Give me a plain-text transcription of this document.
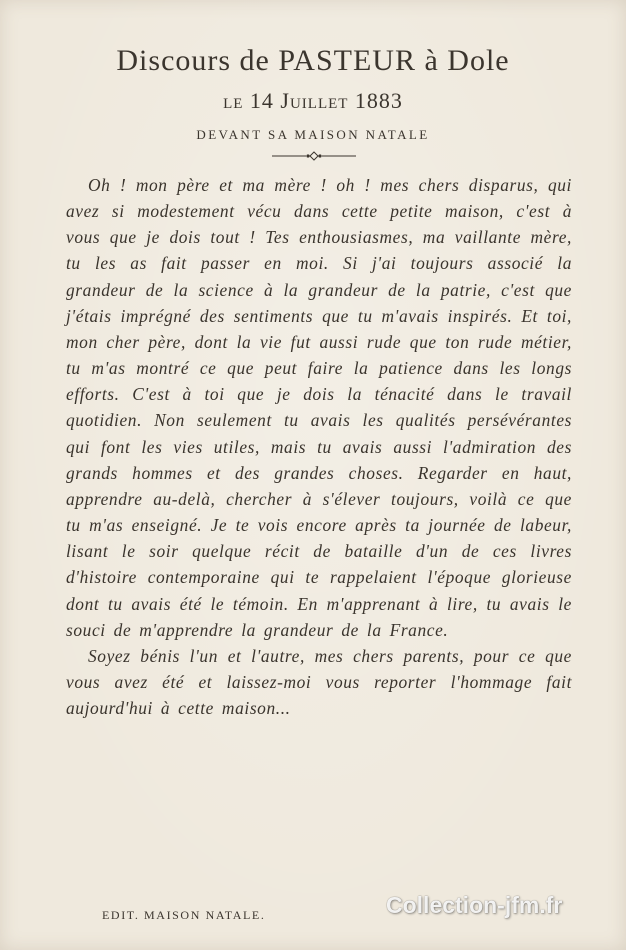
Discours de PASTEUR à Dole
le 14 Juillet 1883
DEVANT SA MAISON NATALE

Oh ! mon père et ma mère ! oh ! mes chers disparus, qui avez si modestement vécu dans cette petite maison, c'est à vous que je dois tout ! Tes enthousiasmes, ma vaillante mère, tu les as fait passer en moi. Si j'ai toujours associé la grandeur de la science à la grandeur de la patrie, c'est que j'étais imprégné des sentiments que tu m'avais inspirés. Et toi, mon cher père, dont la vie fut aussi rude que ton rude métier, tu m'as montré ce que peut faire la patience dans les longs efforts. C'est à toi que je dois la ténacité dans le travail quotidien. Non seulement tu avais les qualités persévérantes qui font les vies utiles, mais tu avais aussi l'admiration des grands hommes et des grandes choses. Regarder en haut, apprendre au-delà, chercher à s'élever toujours, voilà ce que tu m'as enseigné. Je te vois encore après ta journée de labeur, lisant le soir quelque récit de bataille d'un de ces livres d'histoire contemporaine qui te rappelaient l'époque glorieuse dont tu avais été le témoin. En m'apprenant à lire, tu avais le souci de m'apprendre la grandeur de la France.

Soyez bénis l'un et l'autre, mes chers parents, pour ce que vous avez été et laissez-moi vous reporter l'hommage fait aujourd'hui à cette maison...

EDIT. MAISON NATALE.	Collection-jfm.fr
